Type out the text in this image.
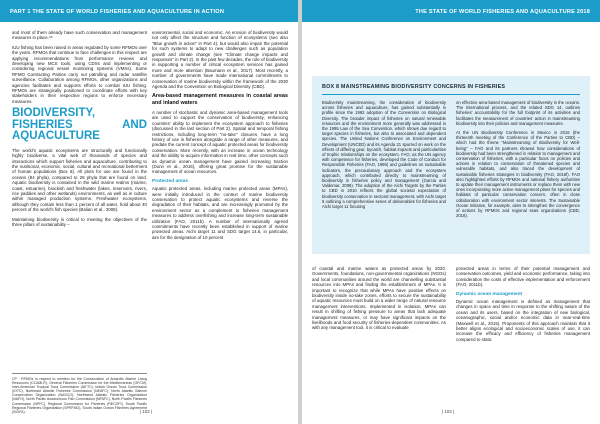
PART 1 THE STATE OF WORLD FISHERIES AND AQUACULTURE IN ACTION

and most of them already have such conservation and management measures in place.⁹⁸

IUU fishing has been raised in areas regulated by some RFMOs over the years. RFMOs that continue to face challenges in this respect are applying recommendations from performance reviews and developing new MCS tools, using CDSs and implementing or considering regional vessel monitoring systems (VMSs). Some RFMO Contracting Parties carry out patrolling and radar satellite surveillance. Collaboration among RFMOs, other organizations and agencies facilitates and supports efforts to combat IUU fishing. RFMOs are strategically positioned to coordinate efforts with key stakeholders in their respective regions to enforce necessary measures.

BIODIVERSITY, FISHERIES AND AQUACULTURE

The world's aquatic ecosystems are structurally and functionally highly biodiverse, a vital web of thousands of species and interactions which support fisheries and aquaculture, contributing to the nutritional, economic, social, cultural and recreational betterment of human populations (Box 8). All plots for use are found in the oceans (94 phyla), compared to 28 phyla that are found on land. Aquatic biodiversity is contained in the wild marine realms (marine, coast, estuarine), brackish and freshwater (lakes, reservoirs, rivers, rice paddies and other wetlands) environments, as well as in culture within managed production systems. Freshwater ecosystems, although they contain less than 1 percent of all water, hold about 40 percent of the world's fish species (Balian et al., 2008).

Maintaining biodiversity is critical to meeting the objectives of the three pillars of sustainability –

CP · RFMOs in respect to mention for the Conservation of Antarctic Marine Living Resources (CCAMLR), General Fisheries Commission for the Mediterranean (GFCM), Inter-American Tropical Tuna Commission (IATTC), Indian Ocean Tuna Commission (IOTC), Northeast Atlantic Fisheries Commission (NEAFC), North Atlantic Salmon Conservation Organization (NASCO), Northwest Atlantic Fisheries Organization (NAFO), North Pacific Anadromous Fish Commission (NPAFC), North Pacific Fisheries Commission (NPFC), Regional Commission for Fisheries (RECOFI), South Pacific Regional Fisheries Organization (SPRFMO), South Indian Ocean Fisheries Agreement (SIOFA).

environmental, social and economic. An erosion of biodiversity would not only affect the structure and function of ecosystems (see also "Blue growth in action" in Part 4), but would also impair the potential for such systems to adapt to new challenges such as population growth and climate change (see "Climate change impacts and responses" in Part 2). In the past few decades, the role of biodiversity in supporting a number of critical ecosystem services has gained more and more attention (Baumann et al., 2017). Most recently, a number of governments have made international commitments to conservation of marine biodiversity within the framework of the 2030 Agenda and the Convention on Biological Diversity (CBD).

Area-based management measures in coastal areas and inland waters

A number of stochastic and dynamic area-based management tools are used to support the conservation of biodiversity, enhancing countries' ability to implement the ecosystem approach to fisheries (discussed in the last section of Part 2). Spatial and temporal fishing restrictions, including long-term "no-take" closures, have a long history of use in fisheries alongside a range of other measures, and predate the current concept of aquatic protected areas for biodiversity conservation. More recently, with an increase in ocean technology and the ability to acquire information in real time, other concepts such as dynamic ocean management have gained increasing traction (Dunn et al., 2016), offering great promise for the sustainable management of ocean resources.

Protected areas

Aquatic protected areas, including marine protected areas (MPAs), were initially introduced in the context of marine biodiversity conservation to protect aquatic ecosystems and reverse the degradation of their habitats, and are increasingly promoted by the environment sector as a complement to fisheries management measures to address overfishing and increase long-term sustainable utilization (FAO, 2011b). A number of internationally agreed commitments have recently been established in support of marine protected areas. Aichi target 11 and SDG target 14.5, in particular, aim for the designation of 10 percent

| 102 |
THE STATE OF WORLD FISHERIES AND AQUACULTURE 2018
BOX 8 MAINSTREAMING BIODIVERSITY CONCERNS IN FISHERIES

Biodiversity mainstreaming, the consideration of biodiversity across fisheries and aquaculture, has gained substantially in profile since the 1992 adoption of the Convention on Biological Diversity. The broader impact of fisheries on natural renewable resources and the environment more generally was addressed in the 1995 Law of the Sea Convention, which shows due regard to target species in fisheries, but also to associated and dependent species. The United Nations Conference on Environment and Development (UNCED) and its Agenda 21 spurred on work on the effects of differing gear, bycatch, habitat impacts and particularities of trophic relationships on the ecosystem. FAO, as the UN agency with competence for fisheries, developed the Code of Conduct for Responsible Fisheries (FAO, 1995) and guidelines on sustainable indicators, the precautionary approach and the ecosystem approach, which contributed directly to mainstreaming of biodiversity in fisheries policy and management (Garcia and Valdemar, 2008). The adoption of the Aichi Targets by the Parties to CBD in 2010 reflects the global societal expectation of biodiversity conservation in sectoral management, with Aichi target 6 outlining a comprehensive series of deliverables for fisheries and Aichi target 11 focusing

on effective area-based management of biodiversity in the oceans. The international process, and the related SDG 14, outlines fisheries' accountability for the full footprint of its activities and facilitates the measurement of countries' action in mainstreaming biodiversity into their policies and management measures.

At the UN Biodiversity Conference in Mexico in 2016 (the thirteenth meeting of the Conference of the Parties to CBD) – which had the theme "Mainstreaming of Biodiversity for Well-being" – FAO and its partners showed how considerations of biodiversity had been strengthened in relation to management and conservation of fisheries, with a particular focus on policies and actions in relation to conservation of threatened species and vulnerable habitats, and also traced the development of sustainable fisheries strategies in biodiversity (FAO, 2016f). FAO also highlighted efforts by RFMOs and national fishery authorities to update their management instruments or replace them with new ones incorporating more active management plans for species and habitats of particular conservation concern, often in close collaboration with environment sector interests. The Sustainable Ocean Initiative, for example, aims to strengthen the convergence of actions by RFMOs and regional seas organizations (CBD, 2016).

of coastal and marine waters as protected areas by 2020. Governments, foundations, non-governmental organizations (NGOs) and local communities around the world are channelling substantial resources into MPAs and finding the establishment of MPAs. It is important to recognize that while MPAs have positive effects on biodiversity inside no-take zones, efforts to secure the sustainability of aquatic resources must build on a wider range of natural resource management interventions. Implemented in isolation, MPAs can result in shifting of fishing pressure to areas that lack adequate management measures, or may have significant impacts on the livelihoods and food security of fisheries-dependent communities. As with any management tool, it is critical to evaluate

protected areas in terms of their potential management and conservation outcomes, yield and economic performance, taking into consideration the costs of effective implementation and enforcement (FAO, 2011b).

Dynamic ocean management

Dynamic ocean management is defined as management that changes in space and time in response to the shifting nature of the ocean and its users, based on the integration of new biological, oceanographic, social and/or economic data in near-real-time (Maxwell et al., 2015). Proponents of this approach maintain that it better aligns ecological and socioeconomic scales of use, it can increase the efficacy and efficiency of fisheries management compared to static

| 103 |
